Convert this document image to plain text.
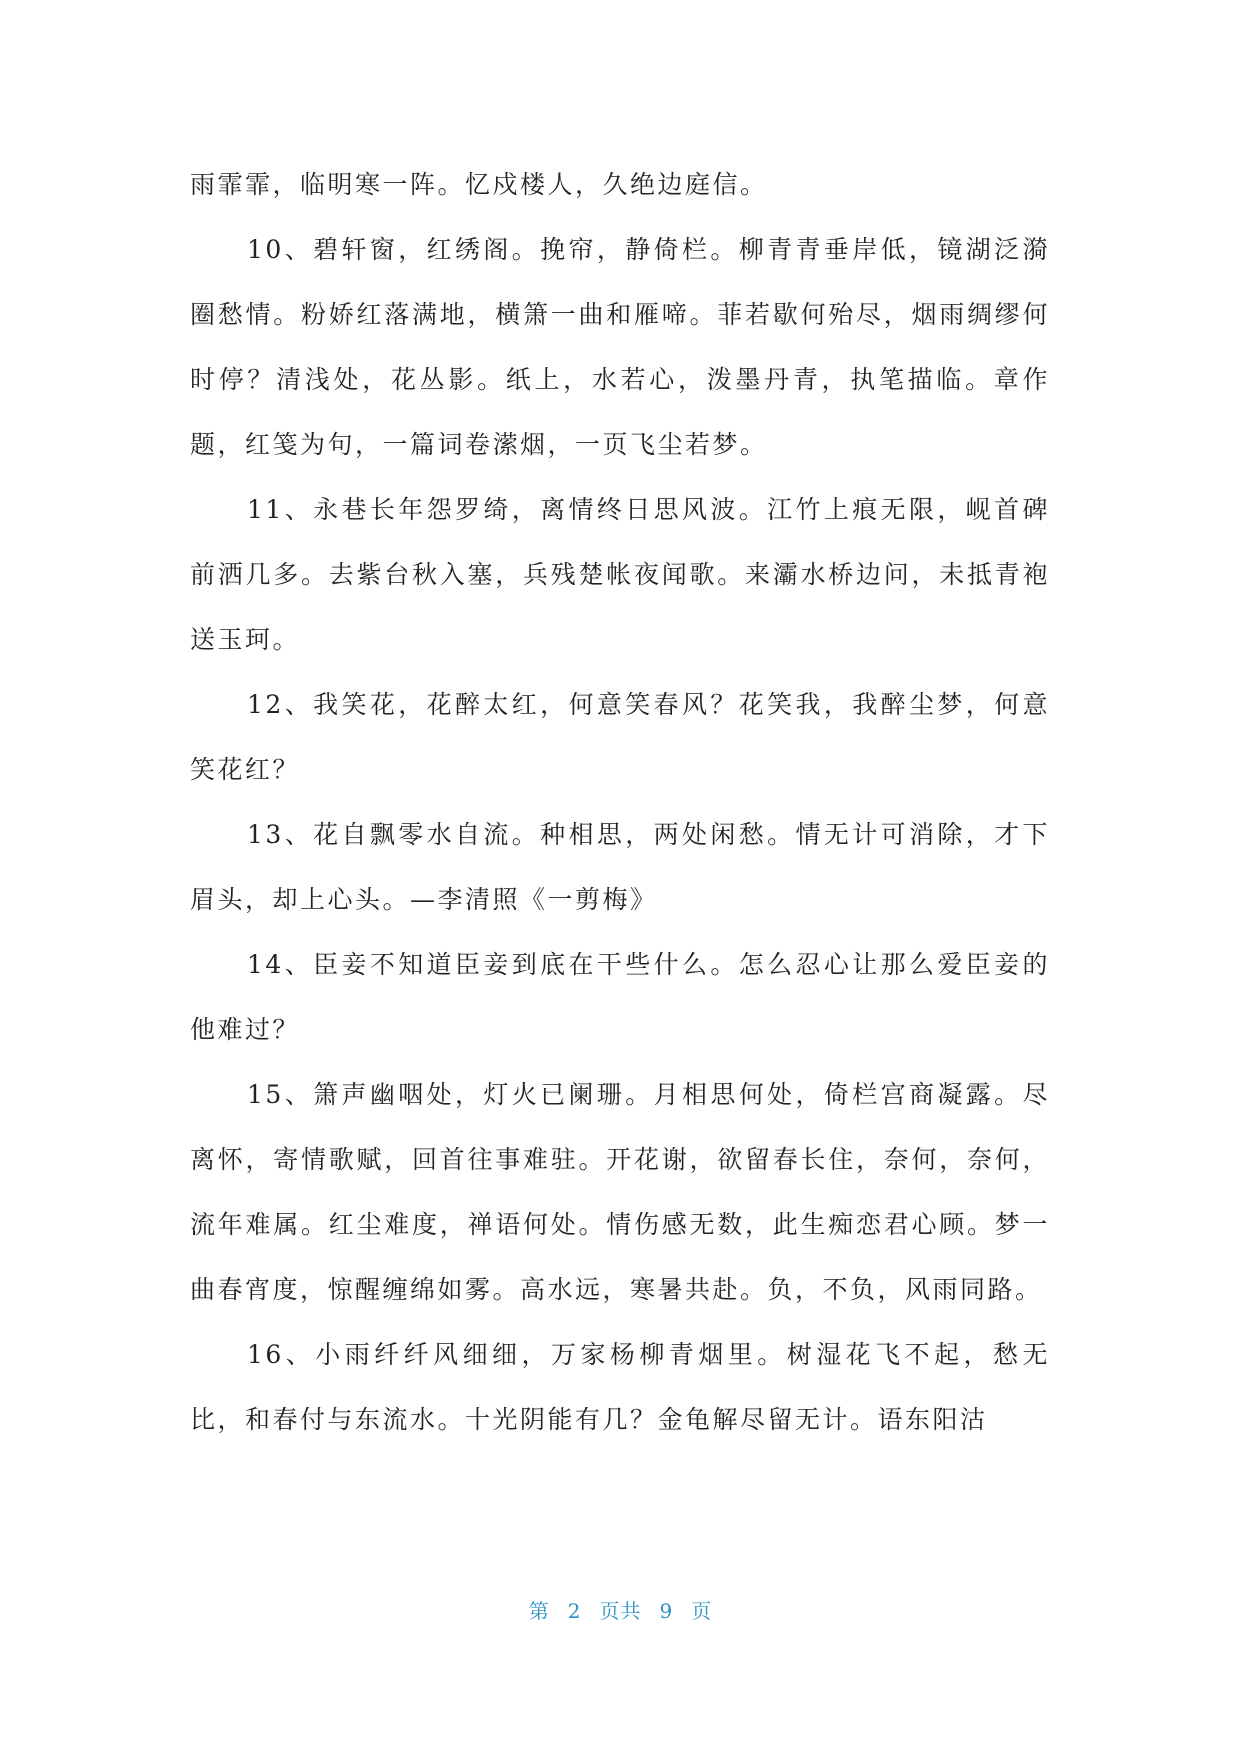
雨霏霏，临明寒一阵。忆戍楼人，久绝边庭信。

10、碧轩窗，红绣阁。挽帘，静倚栏。柳青青垂岸低，镜湖泛漪圈愁情。粉娇红落满地，横箫一曲和雁啼。菲若歇何殆尽，烟雨绸缪何时停？清浅处，花丛影。纸上，水若心，泼墨丹青，执笔描临。章作题，红笺为句，一篇词卷潆烟，一页飞尘若梦。

11、永巷长年怨罗绮，离情终日思风波。江竹上痕无限，岘首碑前洒几多。去紫台秋入塞，兵残楚帐夜闻歌。来灞水桥边问，未抵青袍送玉珂。

12、我笑花，花醉太红，何意笑春风？花笑我，我醉尘梦，何意笑花红？

13、花自飘零水自流。种相思，两处闲愁。情无计可消除，才下眉头，却上心头。—李清照《一剪梅》

14、臣妾不知道臣妾到底在干些什么。怎么忍心让那么爱臣妾的他难过？

15、箫声幽咽处，灯火已阑珊。月相思何处，倚栏宫商凝露。尽离怀，寄情歌赋，回首往事难驻。开花谢，欲留春长住，奈何，奈何，流年难属。红尘难度，禅语何处。情伤感无数，此生痴恋君心顾。梦一曲春宵度，惊醒缠绵如雾。高水远，寒暑共赴。负，不负，风雨同路。

16、小雨纤纤风细细，万家杨柳青烟里。树湿花飞不起，愁无比，和春付与东流水。十光阴能有几？金龟解尽留无计。语东阳沽

第 2 页共 9 页
